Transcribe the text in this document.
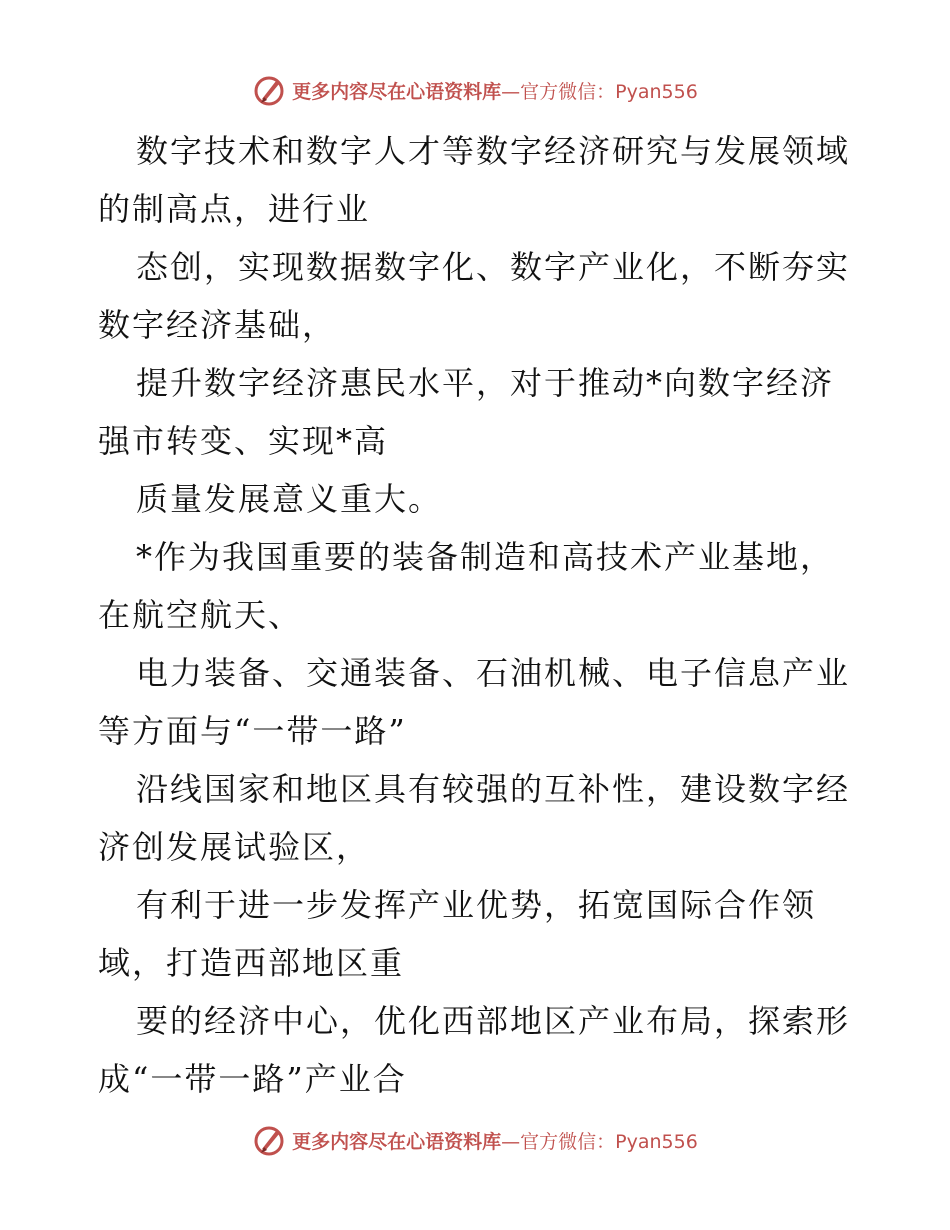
更多内容尽在心语资料库—官方微信：Pyan556

数字技术和数字人才等数字经济研究与发展领域的制高点，进行业

态创，实现数据数字化、数字产业化，不断夯实数字经济基础，

提升数字经济惠民水平，对于推动*向数字经济强市转变、实现*高

质量发展意义重大。

*作为我国重要的装备制造和高技术产业基地，在航空航天、

电力装备、交通装备、石油机械、电子信息产业等方面与“一带一路”

沿线国家和地区具有较强的互补性，建设数字经济创发展试验区，

有利于进一步发挥产业优势，拓宽国际合作领域，打造西部地区重

要的经济中心，优化西部地区产业布局，探索形成“一带一路”产业合

更多内容尽在心语资料库—官方微信：Pyan556
